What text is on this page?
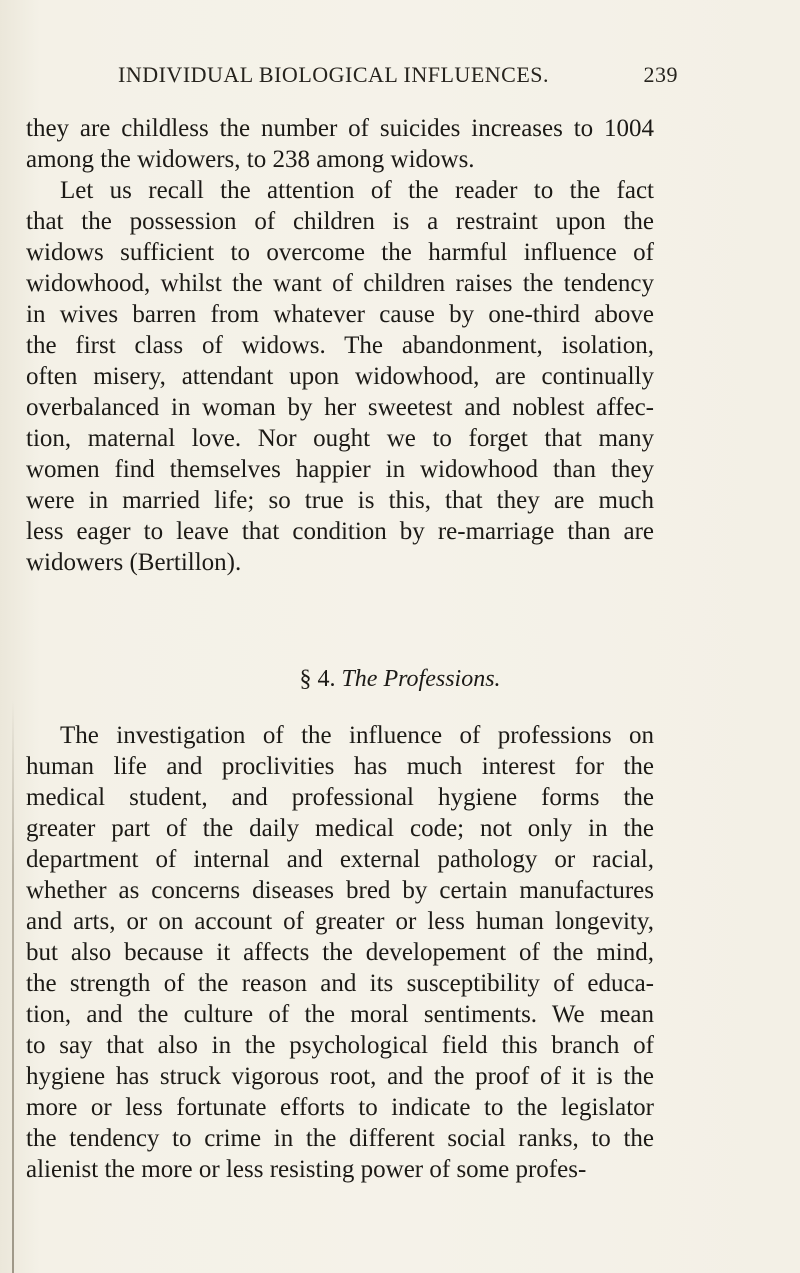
INDIVIDUAL BIOLOGICAL INFLUENCES.	239
they are childless the number of suicides increases to 1004
among the widowers, to 238 among widows.
Let us recall the attention of the reader to the fact
that the possession of children is a restraint upon the
widows sufficient to overcome the harmful influence of
widowhood, whilst the want of children raises the tendency
in wives barren from whatever cause by one-third above
the first class of widows. The abandonment, isolation,
often misery, attendant upon widowhood, are continually
overbalanced in woman by her sweetest and noblest affec-
tion, maternal love. Nor ought we to forget that many
women find themselves happier in widowhood than they
were in married life; so true is this, that they are much
less eager to leave that condition by re-marriage than are
widowers (Bertillon).
§ 4. The Professions.
The investigation of the influence of professions on
human life and proclivities has much interest for the
medical student, and professional hygiene forms the
greater part of the daily medical code; not only in the
department of internal and external pathology or racial,
whether as concerns diseases bred by certain manufactures
and arts, or on account of greater or less human longevity,
but also because it affects the developement of the mind,
the strength of the reason and its susceptibility of educa-
tion, and the culture of the moral sentiments. We mean
to say that also in the psychological field this branch of
hygiene has struck vigorous root, and the proof of it is the
more or less fortunate efforts to indicate to the legislator
the tendency to crime in the different social ranks, to the
alienist the more or less resisting power of some profes-
